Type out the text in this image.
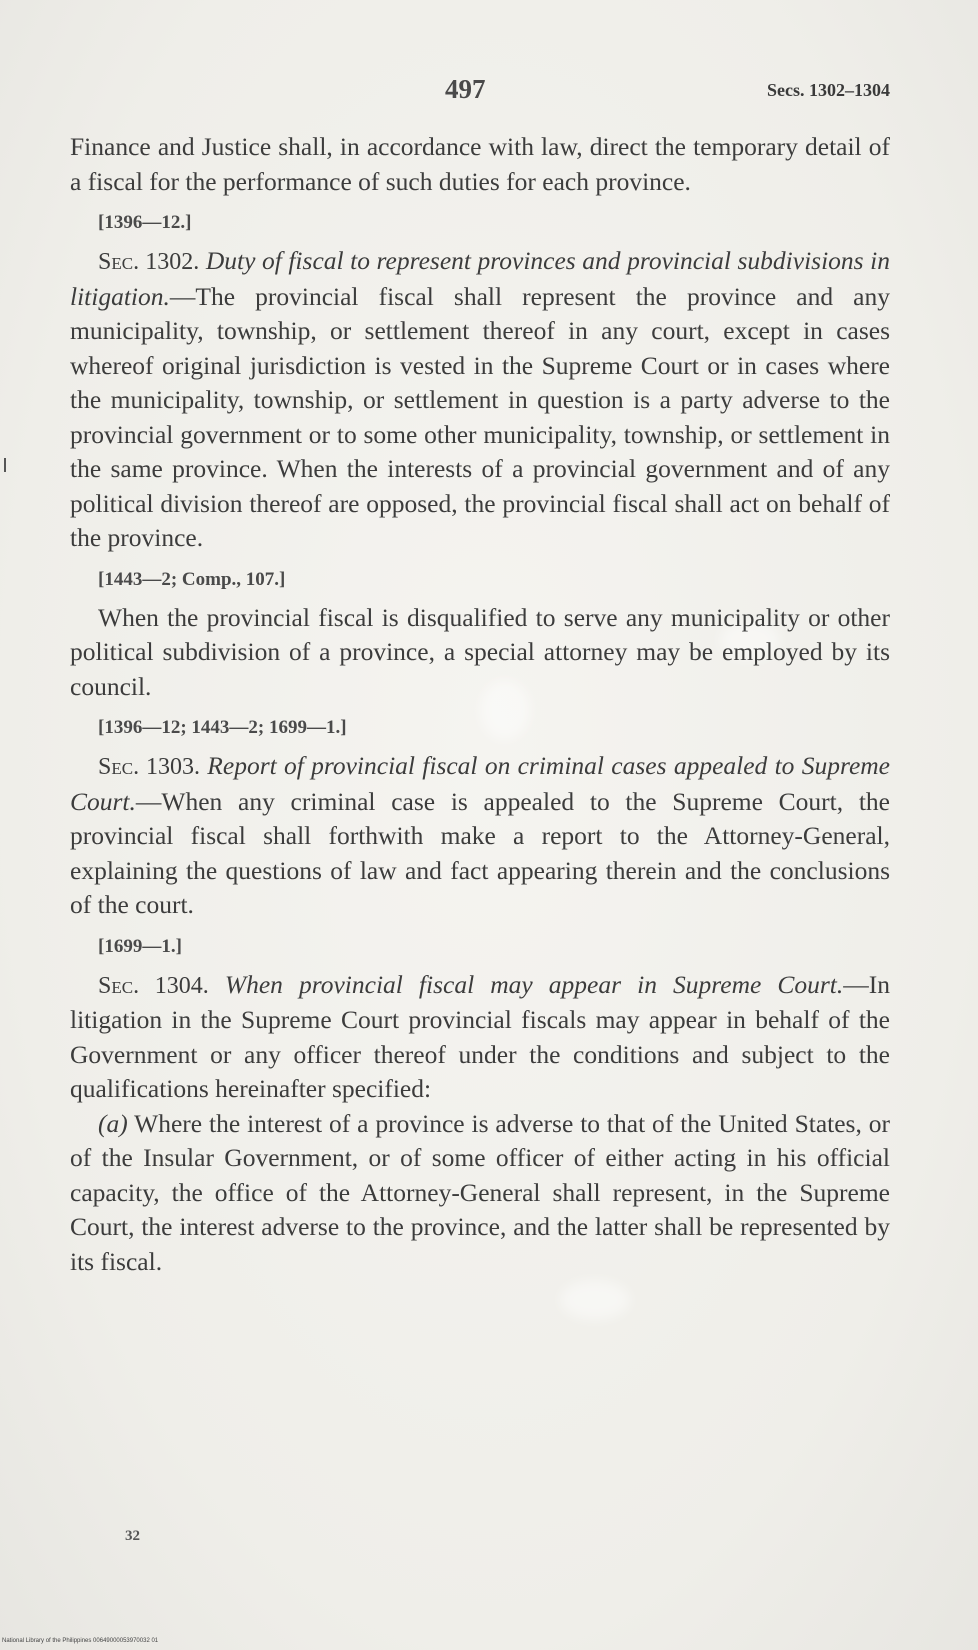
497	Secs. 1302–1304

Finance and Justice shall, in accordance with law, direct the temporary detail of a fiscal for the performance of such duties for each province.

[1396—12.]

Sec. 1302. Duty of fiscal to represent provinces and provincial subdivisions in litigation.—The provincial fiscal shall represent the province and any municipality, township, or settlement thereof in any court, except in cases whereof original jurisdiction is vested in the Supreme Court or in cases where the municipality, township, or settlement in question is a party adverse to the provincial government or to some other municipality, township, or settlement in the same province. When the interests of a provincial government and of any political division thereof are opposed, the provincial fiscal shall act on behalf of the province.

[1443—2; Comp., 107.]

When the provincial fiscal is disqualified to serve any municipality or other political subdivision of a province, a special attorney may be employed by its council.

[1396—12; 1443—2; 1699—1.]

Sec. 1303. Report of provincial fiscal on criminal cases appealed to Supreme Court.—When any criminal case is appealed to the Supreme Court, the provincial fiscal shall forthwith make a report to the Attorney-General, explaining the questions of law and fact appearing therein and the conclusions of the court.

[1699—1.]

Sec. 1304. When provincial fiscal may appear in Supreme Court.—In litigation in the Supreme Court provincial fiscals may appear in behalf of the Government or any officer thereof under the conditions and subject to the qualifications hereinafter specified:

(a) Where the interest of a province is adverse to that of the United States, or of the Insular Government, or of some officer of either acting in his official capacity, the office of the Attorney-General shall represent, in the Supreme Court, the interest adverse to the province, and the latter shall be represented by its fiscal.

32
National Library of the Philippines 00649000053970032 01
